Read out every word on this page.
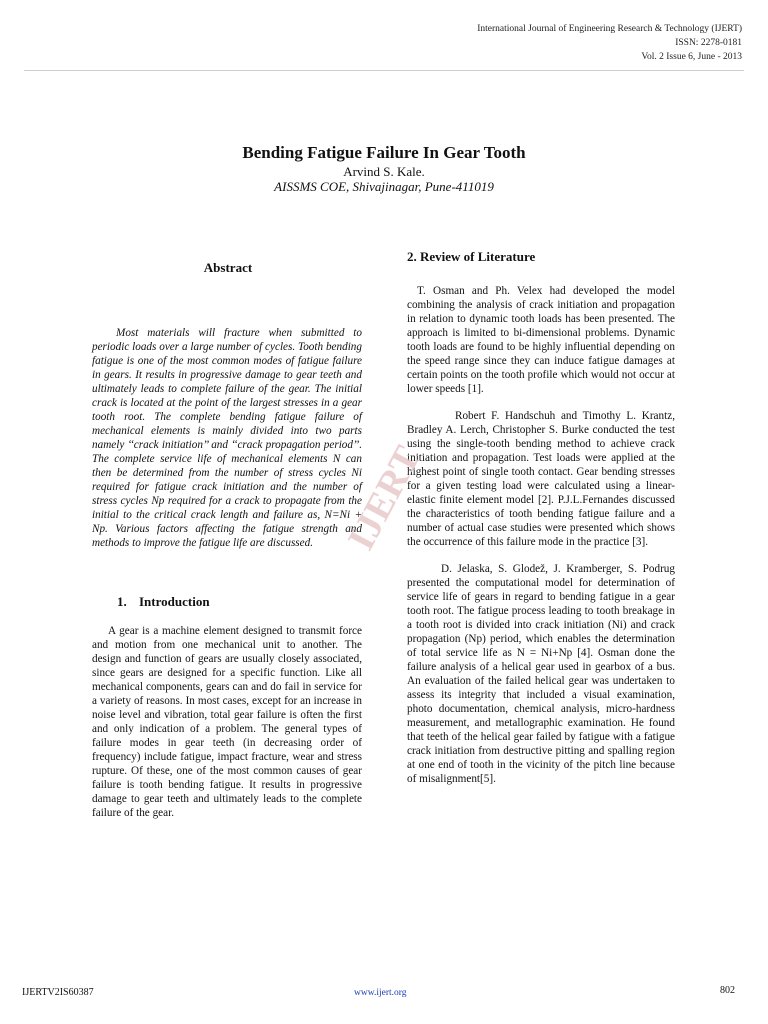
International Journal of Engineering Research & Technology (IJERT)
ISSN: 2278-0181
Vol. 2 Issue 6, June - 2013
Bending Fatigue Failure In Gear Tooth
Arvind S. Kale.
AISSMS COE, Shivajinagar, Pune-411019
Abstract

Most materials will fracture when submitted to periodic loads over a large number of cycles. Tooth bending fatigue is one of the most common modes of fatigue failure in gears. It results in progressive damage to gear teeth and ultimately leads to complete failure of the gear. The initial crack is located at the point of the largest stresses in a gear tooth root. The complete bending fatigue failure of mechanical elements is mainly divided into two parts namely ‘‘crack initiation’’ and ‘‘crack propagation period’’. The complete service life of mechanical elements N can then be determined from the number of stress cycles Ni required for fatigue crack initiation and the number of stress cycles Np required for a crack to propagate from the initial to the critical crack length and failure as, N=Ni + Np. Various factors affecting the fatigue strength and methods to improve the fatigue life are discussed.

1. Introduction

A gear is a machine element designed to transmit force and motion from one mechanical unit to another. The design and function of gears are usually closely associated, since gears are designed for a specific function. Like all mechanical components, gears can and do fail in service for a variety of reasons. In most cases, except for an increase in noise level and vibration, total gear failure is often the first and only indication of a problem. The general types of failure modes in gear teeth (in decreasing order of frequency) include fatigue, impact fracture, wear and stress rupture. Of these, one of the most common causes of gear failure is tooth bending fatigue. It results in progressive damage to gear teeth and ultimately leads to the complete failure of the gear.

2. Review of Literature

T. Osman and Ph. Velex had developed the model combining the analysis of crack initiation and propagation in relation to dynamic tooth loads has been presented. The approach is limited to bi-dimensional problems. Dynamic tooth loads are found to be highly influential depending on the speed range since they can induce fatigue damages at certain points on the tooth profile which would not occur at lower speeds [1].

Robert F. Handschuh and Timothy L. Krantz, Bradley A. Lerch, Christopher S. Burke conducted the test using the single-tooth bending method to achieve crack initiation and propagation. Test loads were applied at the highest point of single tooth contact. Gear bending stresses for a given testing load were calculated using a linear-elastic finite element model [2]. P.J.L.Fernandes discussed the characteristics of tooth bending fatigue failure and a number of actual case studies were presented which shows the occurrence of this failure mode in the practice [3].

D. Jelaska, S. Glodež, J. Kramberger, S. Podrug presented the computational model for determination of service life of gears in regard to bending fatigue in a gear tooth root. The fatigue process leading to tooth breakage in a tooth root is divided into crack initiation (Ni) and crack propagation (Np) period, which enables the determination of total service life as N = Ni+Np [4]. Osman done the failure analysis of a helical gear used in gearbox of a bus. An evaluation of the failed helical gear was undertaken to assess its integrity that included a visual examination, photo documentation, chemical analysis, micro-hardness measurement, and metallographic examination. He found that teeth of the helical gear failed by fatigue with a fatigue crack initiation from destructive pitting and spalling region at one end of tooth in the vicinity of the pitch line because of misalignment[5].

IJERT
IJERTV2IS60387	www.ijert.org	802
